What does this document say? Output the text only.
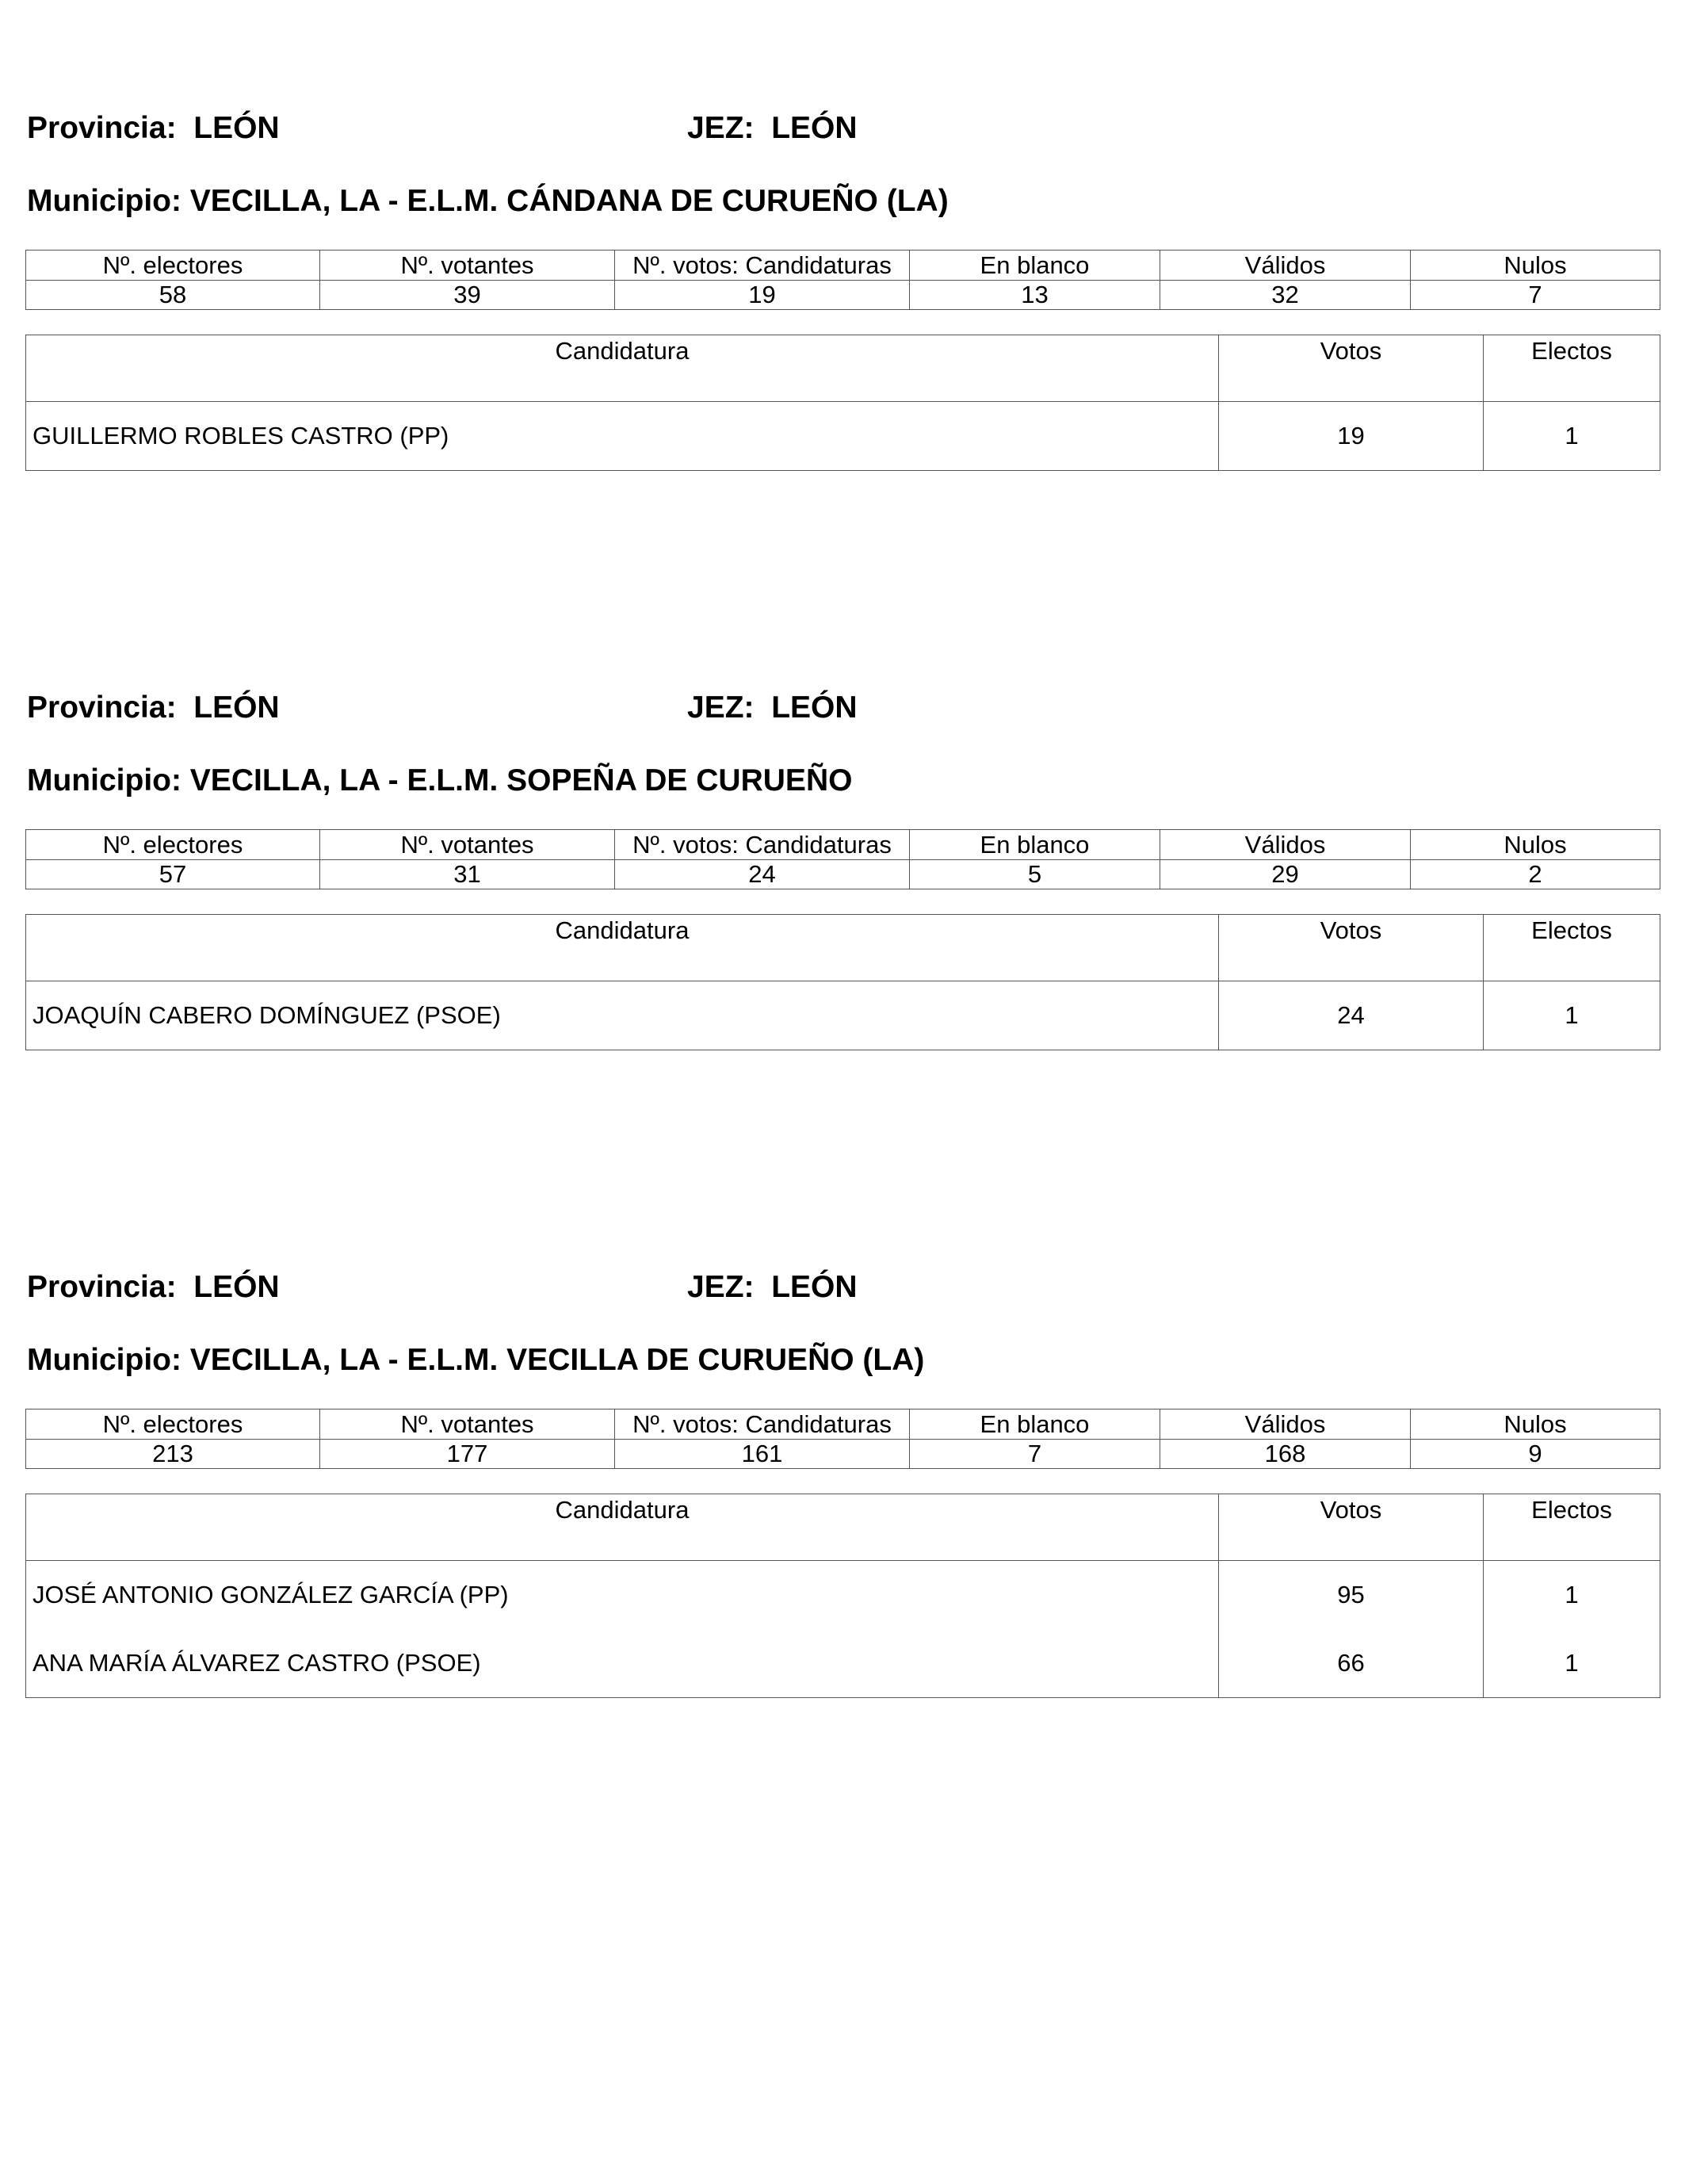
Provincia: LEÓN	JEZ: LEÓN
Municipio: VECILLA, LA - E.L.M. CÁNDANA DE CURUEÑO (LA)
Nº. electores	Nº. votantes	Nº. votos: Candidaturas	En blanco	Válidos	Nulos
58	39	19	13	32	7
Candidatura	Votos	Electos
GUILLERMO ROBLES CASTRO (PP)	19	1
Provincia: LEÓN	JEZ: LEÓN
Municipio: VECILLA, LA - E.L.M. SOPEÑA DE CURUEÑO
Nº. electores	Nº. votantes	Nº. votos: Candidaturas	En blanco	Válidos	Nulos
57	31	24	5	29	2
Candidatura	Votos	Electos
JOAQUÍN CABERO DOMÍNGUEZ (PSOE)	24	1
Provincia: LEÓN	JEZ: LEÓN
Municipio: VECILLA, LA - E.L.M. VECILLA DE CURUEÑO (LA)
Nº. electores	Nº. votantes	Nº. votos: Candidaturas	En blanco	Válidos	Nulos
213	177	161	7	168	9
Candidatura	Votos	Electos
JOSÉ ANTONIO GONZÁLEZ GARCÍA (PP)	95	1
ANA MARÍA ÁLVAREZ CASTRO (PSOE)	66	1
